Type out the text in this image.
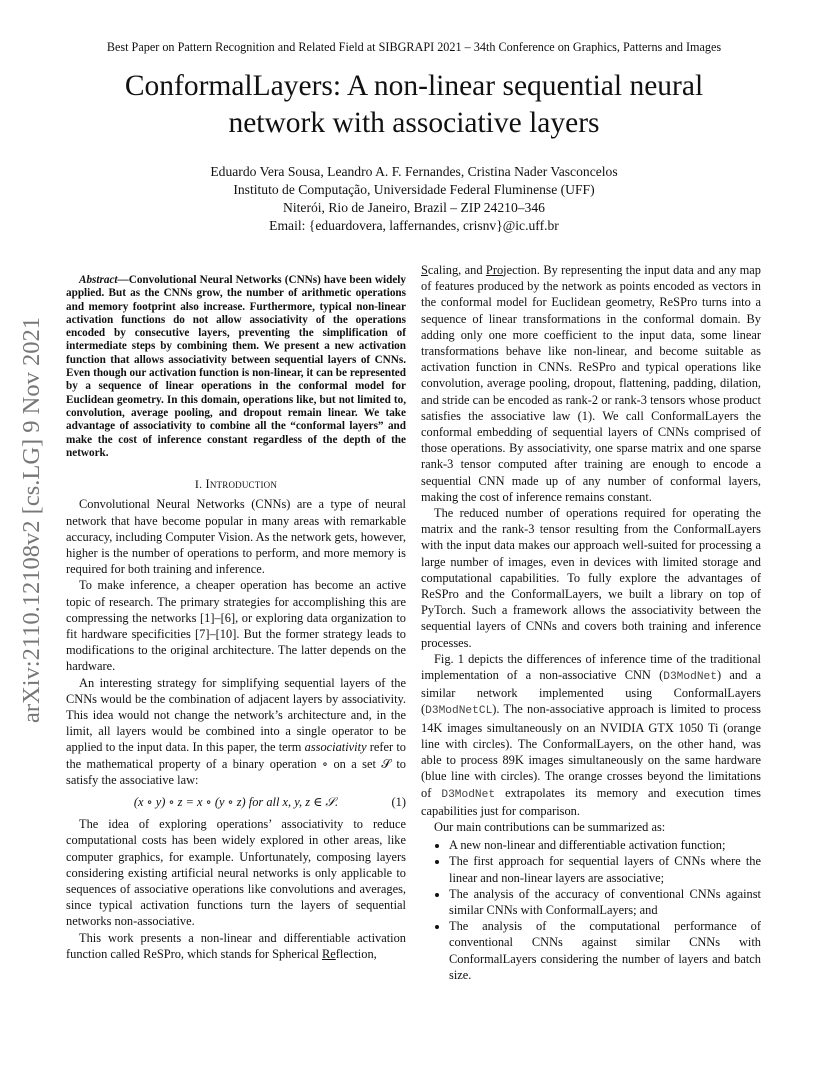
Best Paper on Pattern Recognition and Related Field at SIBGRAPI 2021 – 34th Conference on Graphics, Patterns and Images
ConformalLayers: A non-linear sequential neural
network with associative layers
Eduardo Vera Sousa, Leandro A. F. Fernandes, Cristina Nader Vasconcelos
Instituto de Computação, Universidade Federal Fluminense (UFF)
Niterói, Rio de Janeiro, Brazil – ZIP 24210–346
Email: {eduardovera, laffernandes, crisnv}@ic.uff.br
arXiv:2110.12108v2 [cs.LG] 9 Nov 2021

Abstract—Convolutional Neural Networks (CNNs) have been widely applied. But as the CNNs grow, the number of arithmetic operations and memory footprint also increase. Furthermore, typical non-linear activation functions do not allow associativity of the operations encoded by consecutive layers, preventing the simplification of intermediate steps by combining them. We present a new activation function that allows associativity between sequential layers of CNNs. Even though our activation function is non-linear, it can be represented by a sequence of linear operations in the conformal model for Euclidean geometry. In this domain, operations like, but not limited to, convolution, average pooling, and dropout remain linear. We take advantage of associativity to combine all the “conformal layers” and make the cost of inference constant regardless of the depth of the network.

I. Introduction

Convolutional Neural Networks (CNNs) are a type of neural network that have become popular in many areas with remarkable accuracy, including Computer Vision. As the network gets, however, higher is the number of operations to perform, and more memory is required for both training and inference.

To make inference, a cheaper operation has become an active topic of research. The primary strategies for accomplishing this are compressing the networks [1]–[6], or exploring data organization to fit hardware specificities [7]–[10]. But the former strategy leads to modifications to the original architecture. The latter depends on the hardware.

An interesting strategy for simplifying sequential layers of the CNNs would be the combination of adjacent layers by associativity. This idea would not change the network’s architecture and, in the limit, all layers would be combined into a single operator to be applied to the input data. In this paper, the term associativity refer to the mathematical property of a binary operation ∘ on a set 𝒮 to satisfy the associative law:

(x ∘ y) ∘ z = x ∘ (y ∘ z) for all x, y, z ∈ 𝒮.	(1)

The idea of exploring operations’ associativity to reduce computational costs has been widely explored in other areas, like computer graphics, for example. Unfortunately, composing layers considering existing artificial neural networks is only applicable to sequences of associative operations like convolutions and averages, since typical activation functions turn the layers of sequential networks non-associative.

This work presents a non-linear and differentiable activation function called ReSPro, which stands for Spherical Reflection,

Scaling, and Projection. By representing the input data and any map of features produced by the network as points encoded as vectors in the conformal model for Euclidean geometry, ReSPro turns into a sequence of linear transformations in the conformal domain. By adding only one more coefficient to the input data, some linear transformations behave like non-linear, and become suitable as activation function in CNNs. ReSPro and typical operations like convolution, average pooling, dropout, flattening, padding, dilation, and stride can be encoded as rank-2 or rank-3 tensors whose product satisfies the associative law (1). We call ConformalLayers the conformal embedding of sequential layers of CNNs comprised of those operations. By associativity, one sparse matrix and one sparse rank-3 tensor computed after training are enough to encode a sequential CNN made up of any number of conformal layers, making the cost of inference remains constant.

The reduced number of operations required for operating the matrix and the rank-3 tensor resulting from the ConformalLayers with the input data makes our approach well-suited for processing a large number of images, even in devices with limited storage and computational capabilities. To fully explore the advantages of ReSPro and the ConformalLayers, we built a library on top of PyTorch. Such a framework allows the associativity between the sequential layers of CNNs and covers both training and inference processes.

Fig. 1 depicts the differences of inference time of the traditional implementation of a non-associative CNN (D3ModNet) and a similar network implemented using ConformalLayers (D3ModNetCL). The non-associative approach is limited to process 14K images simultaneously on an NVIDIA GTX 1050 Ti (orange line with circles). The ConformalLayers, on the other hand, was able to process 89K images simultaneously on the same hardware (blue line with circles). The orange crosses beyond the limitations of D3ModNet extrapolates its memory and execution times capabilities just for comparison.

Our main contributions can be summarized as:

• A new non-linear and differentiable activation function;
• The first approach for sequential layers of CNNs where the linear and non-linear layers are associative;
• The analysis of the accuracy of conventional CNNs against similar CNNs with ConformalLayers; and
• The analysis of the computational performance of conventional CNNs against similar CNNs with ConformalLayers considering the number of layers and batch size.
